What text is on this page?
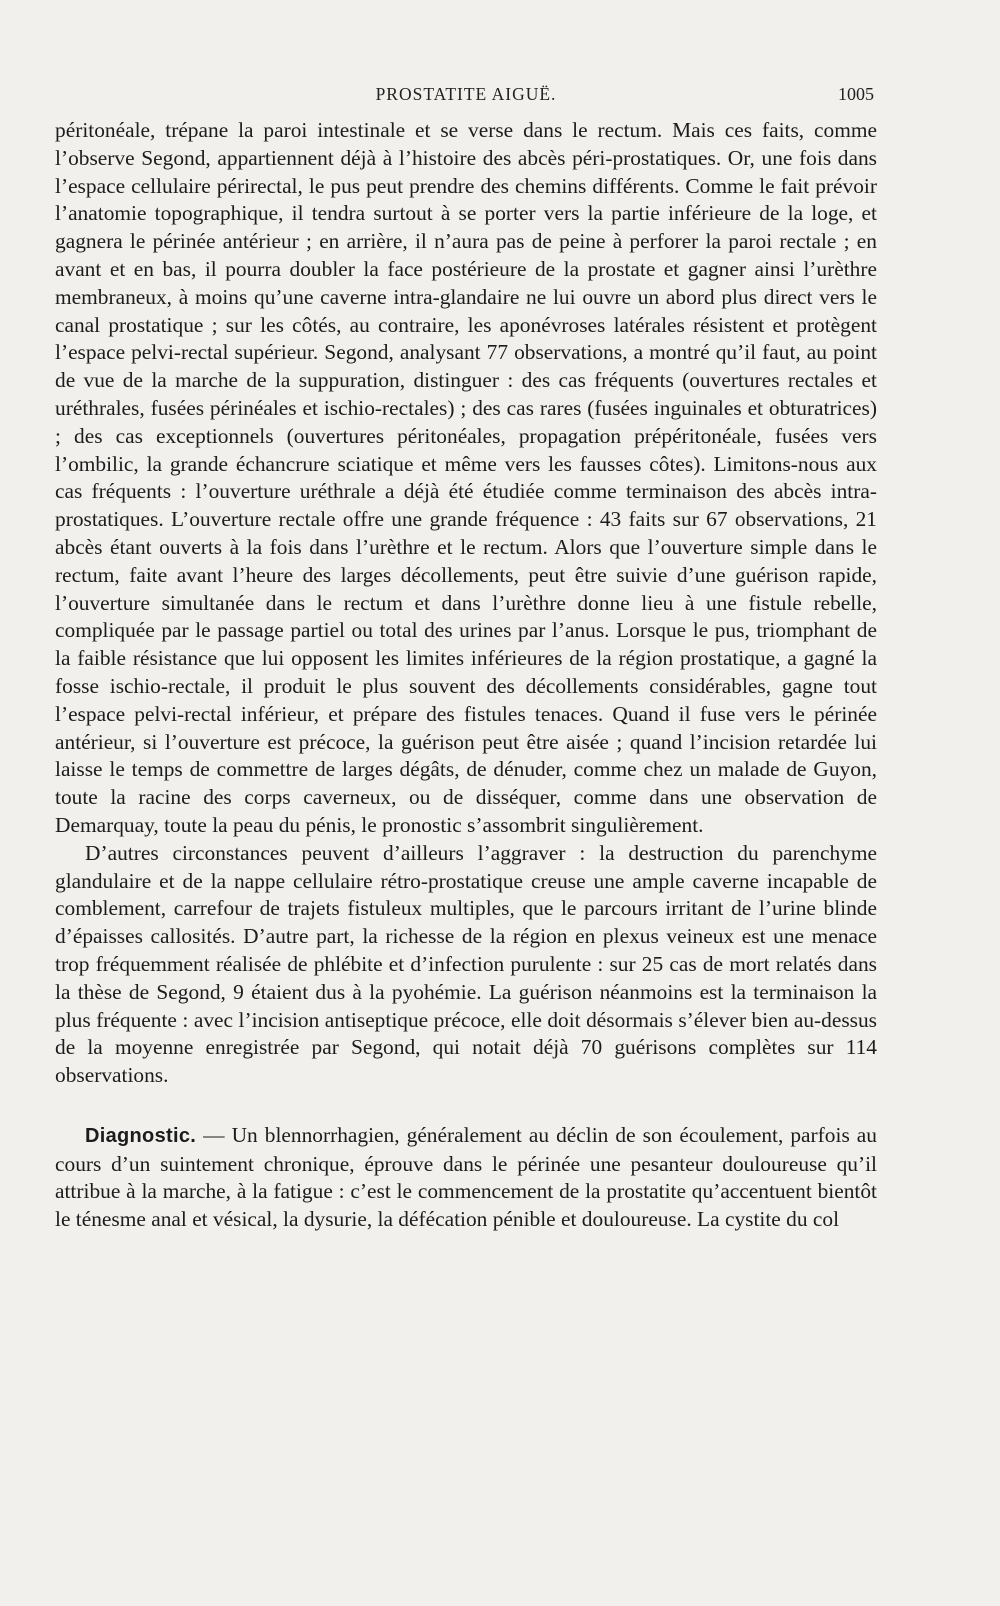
PROSTATITE AIGUË.	1005

péritonéale, trépane la paroi intestinale et se verse dans le rectum. Mais ces faits, comme l’observe Segond, appartiennent déjà à l’histoire des abcès péri-prostatiques. Or, une fois dans l’espace cellulaire périrectal, le pus peut prendre des chemins différents. Comme le fait prévoir l’anatomie topographique, il tendra surtout à se porter vers la partie inférieure de la loge, et gagnera le périnée antérieur ; en arrière, il n’aura pas de peine à perforer la paroi rectale ; en avant et en bas, il pourra doubler la face postérieure de la prostate et gagner ainsi l’urèthre membraneux, à moins qu’une caverne intra-glandaire ne lui ouvre un abord plus direct vers le canal prostatique ; sur les côtés, au contraire, les aponévroses latérales résistent et protègent l’espace pelvi-rectal supérieur. Segond, analysant 77 observations, a montré qu’il faut, au point de vue de la marche de la suppuration, distinguer : des cas fréquents (ouvertures rectales et uréthrales, fusées périnéales et ischio-rectales) ; des cas rares (fusées inguinales et obturatrices) ; des cas exceptionnels (ouvertures péritonéales, propagation prépéritonéale, fusées vers l’ombilic, la grande échancrure sciatique et même vers les fausses côtes). Limitons-nous aux cas fréquents : l’ouverture uréthrale a déjà été étudiée comme terminaison des abcès intra-prostatiques. L’ouverture rectale offre une grande fréquence : 43 faits sur 67 observations, 21 abcès étant ouverts à la fois dans l’urèthre et le rectum. Alors que l’ouverture simple dans le rectum, faite avant l’heure des larges décollements, peut être suivie d’une guérison rapide, l’ouverture simultanée dans le rectum et dans l’urèthre donne lieu à une fistule rebelle, compliquée par le passage partiel ou total des urines par l’anus. Lorsque le pus, triomphant de la faible résistance que lui opposent les limites inférieures de la région prostatique, a gagné la fosse ischio-rectale, il produit le plus souvent des décollements considérables, gagne tout l’espace pelvi-rectal inférieur, et prépare des fistules tenaces. Quand il fuse vers le périnée antérieur, si l’ouverture est précoce, la guérison peut être aisée ; quand l’incision retardée lui laisse le temps de commettre de larges dégâts, de dénuder, comme chez un malade de Guyon, toute la racine des corps caverneux, ou de disséquer, comme dans une observation de Demarquay, toute la peau du pénis, le pronostic s’assombrit singulièrement.

D’autres circonstances peuvent d’ailleurs l’aggraver : la destruction du parenchyme glandulaire et de la nappe cellulaire rétro-prostatique creuse une ample caverne incapable de comblement, carrefour de trajets fistuleux multiples, que le parcours irritant de l’urine blinde d’épaisses callosités. D’autre part, la richesse de la région en plexus veineux est une menace trop fréquemment réalisée de phlébite et d’infection purulente : sur 25 cas de mort relatés dans la thèse de Segond, 9 étaient dus à la pyohémie. La guérison néanmoins est la terminaison la plus fréquente : avec l’incision antiseptique précoce, elle doit désormais s’élever bien au-dessus de la moyenne enregistrée par Segond, qui notait déjà 70 guérisons complètes sur 114 observations.

Diagnostic. — Un blennorrhagien, généralement au déclin de son écoulement, parfois au cours d’un suintement chronique, éprouve dans le périnée une pesanteur douloureuse qu’il attribue à la marche, à la fatigue : c’est le commencement de la prostatite qu’accentuent bientôt le ténesme anal et vésical, la dysurie, la défécation pénible et douloureuse. La cystite du col
